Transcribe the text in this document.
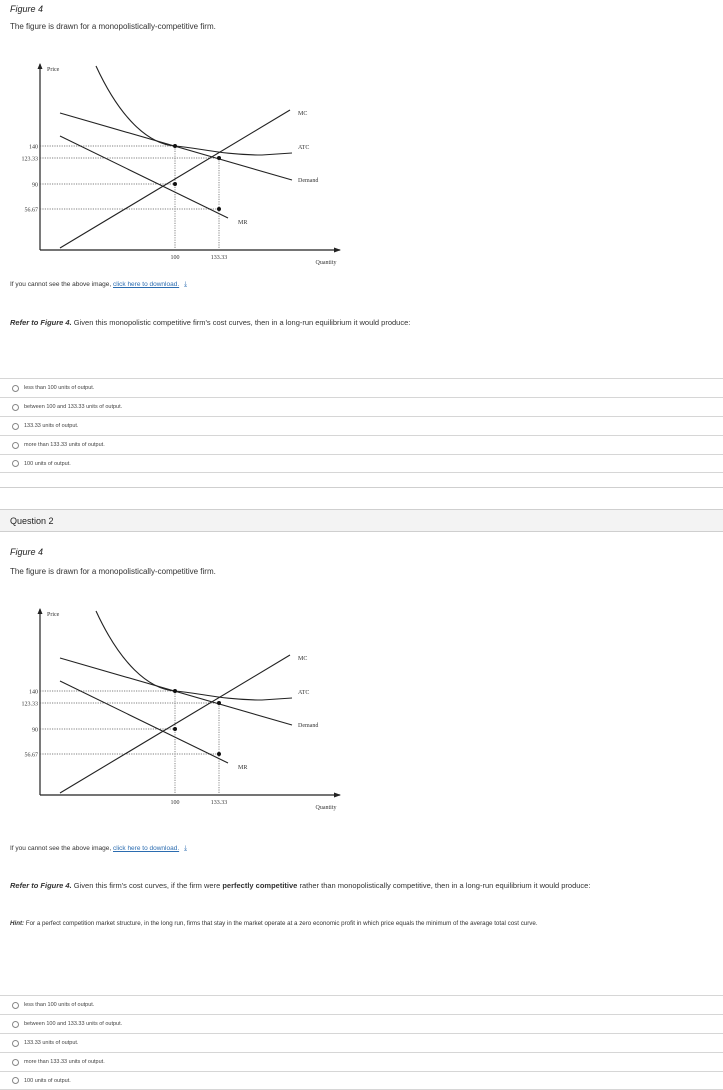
Figure 4
The figure is drawn for a monopolistically-competitive firm.
Price
Quantity
140
123.33
90
56.67
100	133.33
MC
ATC
Demand
MR
If you cannot see the above image, click here to download. ⤓
Refer to Figure 4. Given this monopolistic competitive firm's cost curves, then in a long-run equilibrium it would produce:
less than 100 units of output.
between 100 and 133.33 units of output.
133.33 units of output.
more than 133.33 units of output.
100 units of output.
Question 2
Figure 4
The figure is drawn for a monopolistically-competitive firm.
Price
Quantity
140
123.33
90
56.67
100	133.33
MC
ATC
Demand
MR
If you cannot see the above image, click here to download. ⤓
Refer to Figure 4. Given this firm's cost curves, if the firm were perfectly competitive rather than monopolistically competitive, then in a long-run equilibrium it would produce:
Hint: For a perfect competition market structure, in the long run, firms that stay in the market operate at a zero economic profit in which price equals the minimum of the average total cost curve.
less than 100 units of output.
between 100 and 133.33 units of output.
133.33 units of output.
more than 133.33 units of output.
100 units of output.
